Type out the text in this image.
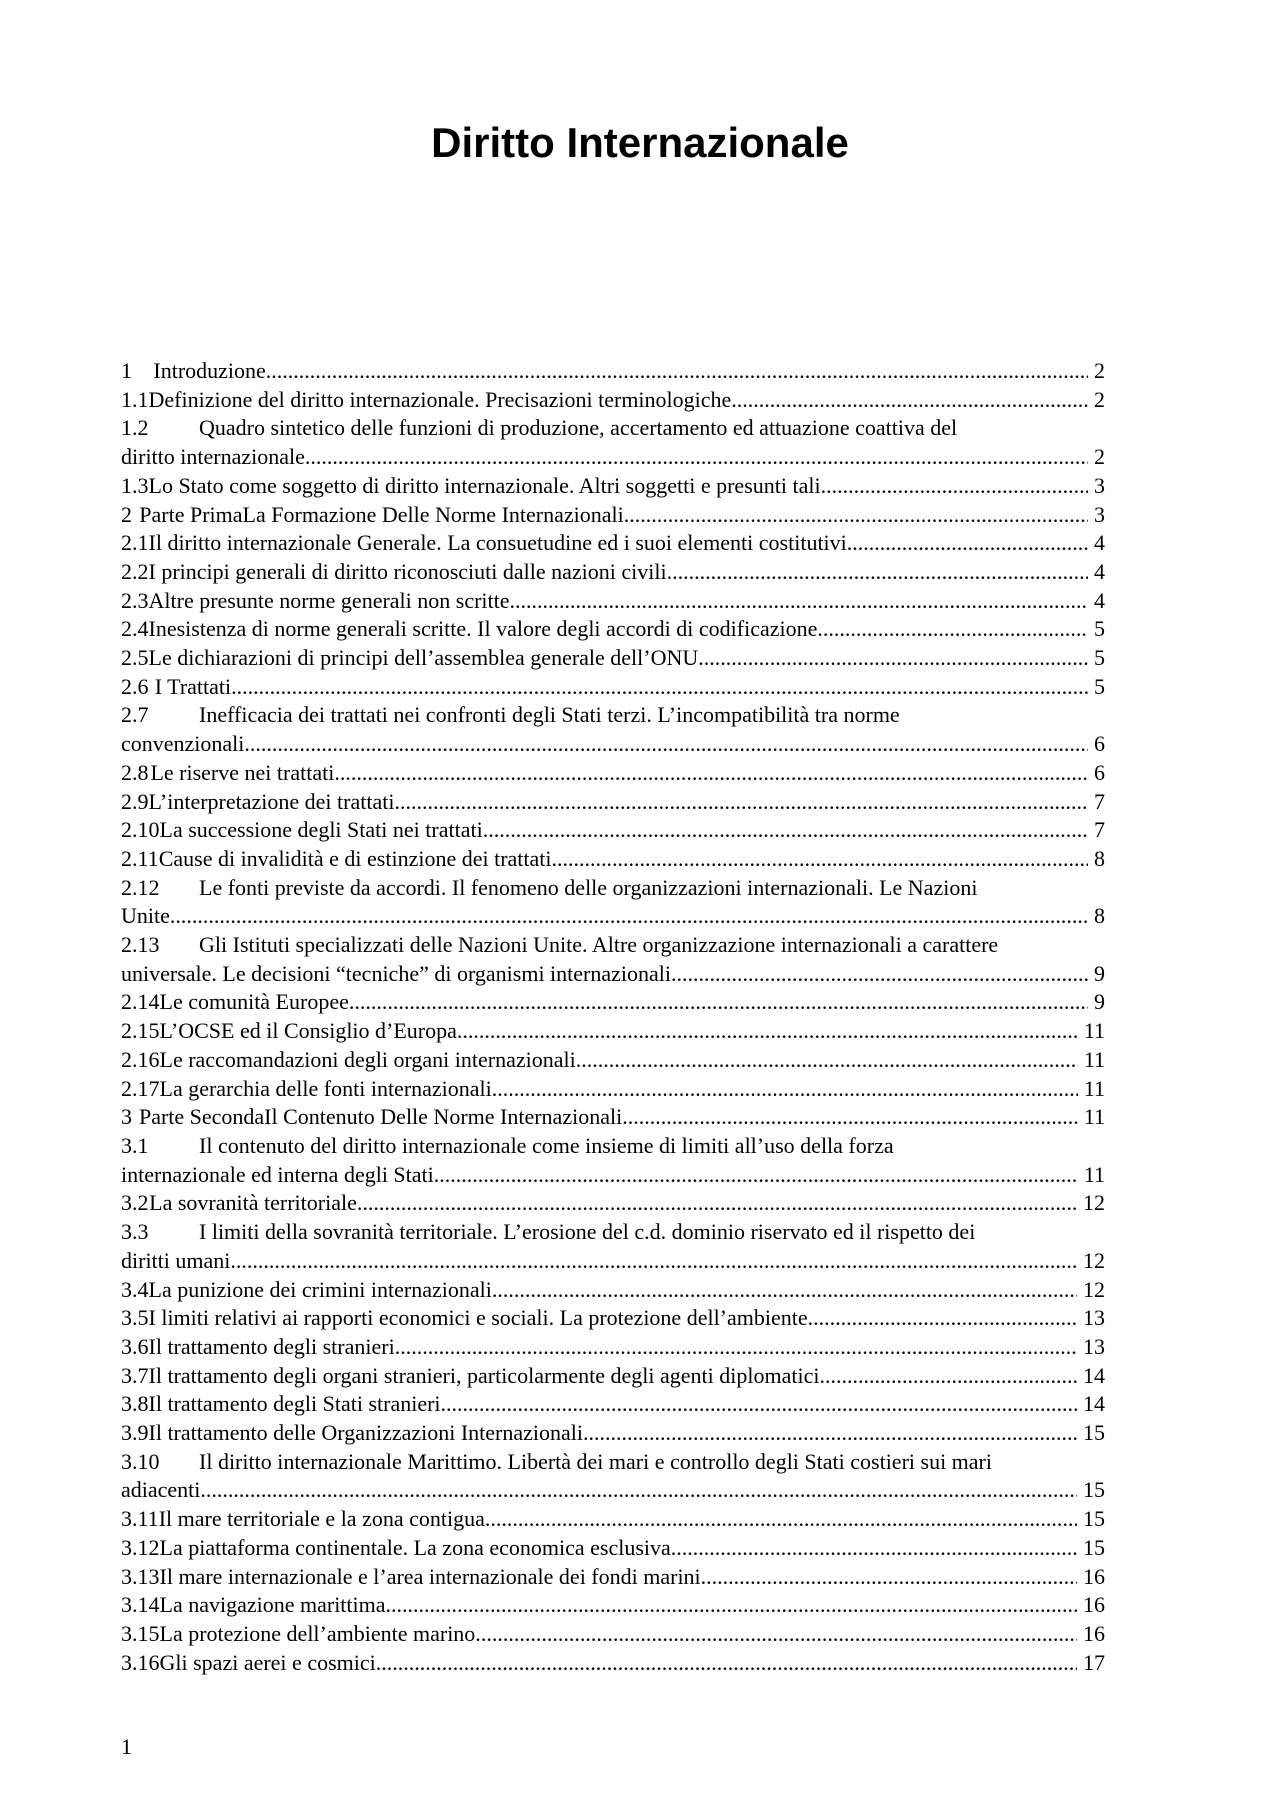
Diritto Internazionale
1 Introduzione .....	2
1.1 Definizione del diritto internazionale. Precisazioni terminologiche. .....	2
1.2 Quadro sintetico delle funzioni di produzione, accertamento ed attuazione coattiva del
diritto internazionale. .....	2
1.3 Lo Stato come soggetto di diritto internazionale. Altri soggetti e presunti tali. .....	3
2 Parte PrimaLa Formazione Delle Norme Internazionali .....	3
2.1 Il diritto internazionale Generale. La consuetudine ed i suoi elementi costitutivi. .....	4
2.2 I principi generali di diritto riconosciuti dalle nazioni civili. .....	4
2.3 Altre presunte norme generali non scritte. .....	4
2.4 Inesistenza di norme generali scritte. Il valore degli accordi di codificazione. .....	5
2.5 Le dichiarazioni di principi dell’assemblea generale dell’ONU .....	5
2.6 I Trattati .....	5
2.7 Inefficacia dei trattati nei confronti degli Stati terzi. L’incompatibilità tra norme
convenzionali. .....	6
2.8 Le riserve nei trattati. .....	6
2.9 L’interpretazione dei trattati. .....	7
2.10 La successione degli Stati nei trattati .....	7
2.11 Cause di invalidità e di estinzione dei trattati .....	8
2.12 Le fonti previste da accordi. Il fenomeno delle organizzazioni internazionali. Le Nazioni
Unite. .....	8
2.13 Gli Istituti specializzati delle Nazioni Unite. Altre organizzazione internazionali a carattere
universale. Le decisioni “tecniche” di organismi internazionali. .....	9
2.14 Le comunità Europee. .....	9
2.15 L’OCSE ed il Consiglio d’Europa. .....	11
2.16 Le raccomandazioni degli organi internazionali. .....	11
2.17 La gerarchia delle fonti internazionali. .....	11
3 Parte SecondaIl Contenuto Delle Norme Internazionali .....	11
3.1 Il contenuto del diritto internazionale come insieme di limiti all’uso della forza
internazionale ed interna degli Stati. .....	11
3.2 La sovranità territoriale. .....	12
3.3 I limiti della sovranità territoriale. L’erosione del c.d. dominio riservato ed il rispetto dei
diritti umani. .....	12
3.4 La punizione dei crimini internazionali .....	12
3.5 I limiti relativi ai rapporti economici e sociali. La protezione dell’ambiente. .....	13
3.6 Il trattamento degli stranieri. .....	13
3.7 Il trattamento degli organi stranieri, particolarmente degli agenti diplomatici. .....	14
3.8 Il trattamento degli Stati stranieri. .....	14
3.9 Il trattamento delle Organizzazioni Internazionali. .....	15
3.10 Il diritto internazionale Marittimo. Libertà dei mari e controllo degli Stati costieri sui mari
adiacenti. .....	15
3.11 Il mare territoriale e la zona contigua. .....	15
3.12 La piattaforma continentale. La zona economica esclusiva. .....	15
3.13 Il mare internazionale e l’area internazionale dei fondi marini. .....	16
3.14 La navigazione marittima. .....	16
3.15 La protezione dell’ambiente marino. .....	16
3.16 Gli spazi aerei e cosmici. .....	17
1
